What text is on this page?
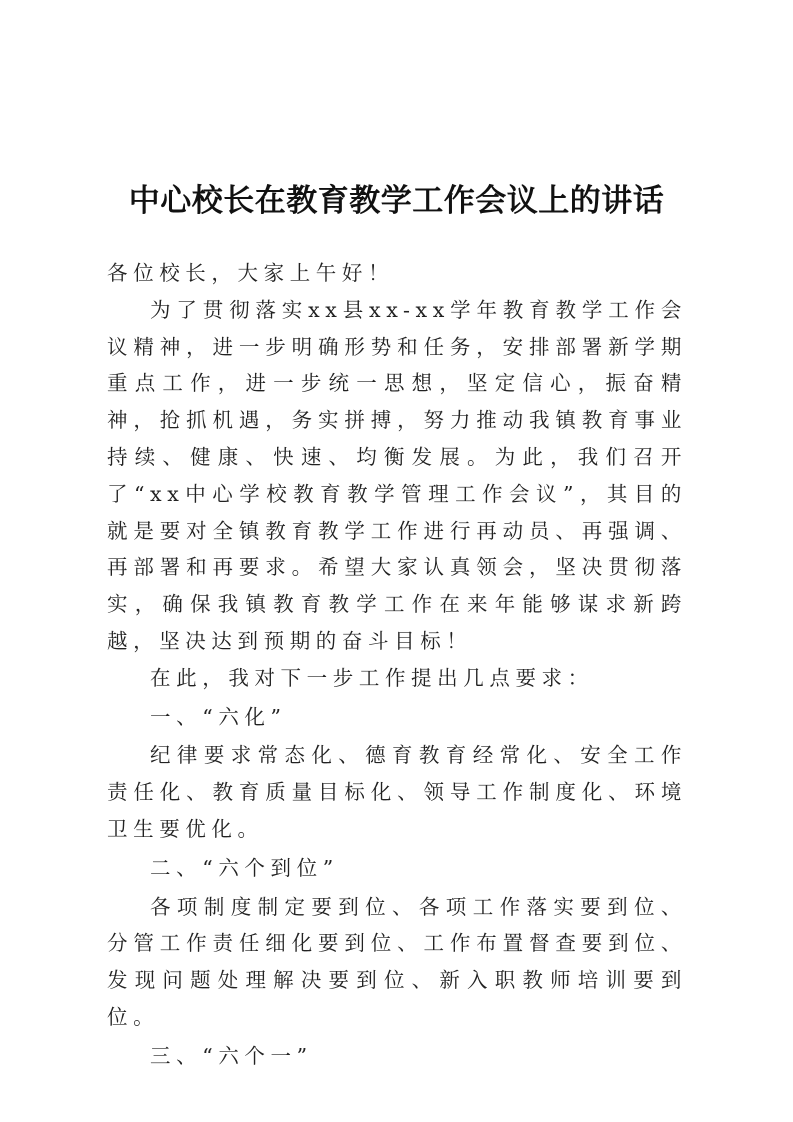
中心校长在教育教学工作会议上的讲话

各位校长，大家上午好！

为了贯彻落实xx县xx-xx学年教育教学工作会议精神，进一步明确形势和任务，安排部署新学期重点工作，进一步统一思想，坚定信心，振奋精神，抢抓机遇，务实拼搏，努力推动我镇教育事业持续、健康、快速、均衡发展。为此，我们召开了“xx中心学校教育教学管理工作会议”，其目的就是要对全镇教育教学工作进行再动员、再强调、再部署和再要求。希望大家认真领会，坚决贯彻落实，确保我镇教育教学工作在来年能够谋求新跨越，坚决达到预期的奋斗目标！

在此，我对下一步工作提出几点要求：

一、“六化”

纪律要求常态化、德育教育经常化、安全工作责任化、教育质量目标化、领导工作制度化、环境卫生要优化。

二、“六个到位”

各项制度制定要到位、各项工作落实要到位、分管工作责任细化要到位、工作布置督查要到位、发现问题处理解决要到位、新入职教师培训要到位。

三、“六个一”
